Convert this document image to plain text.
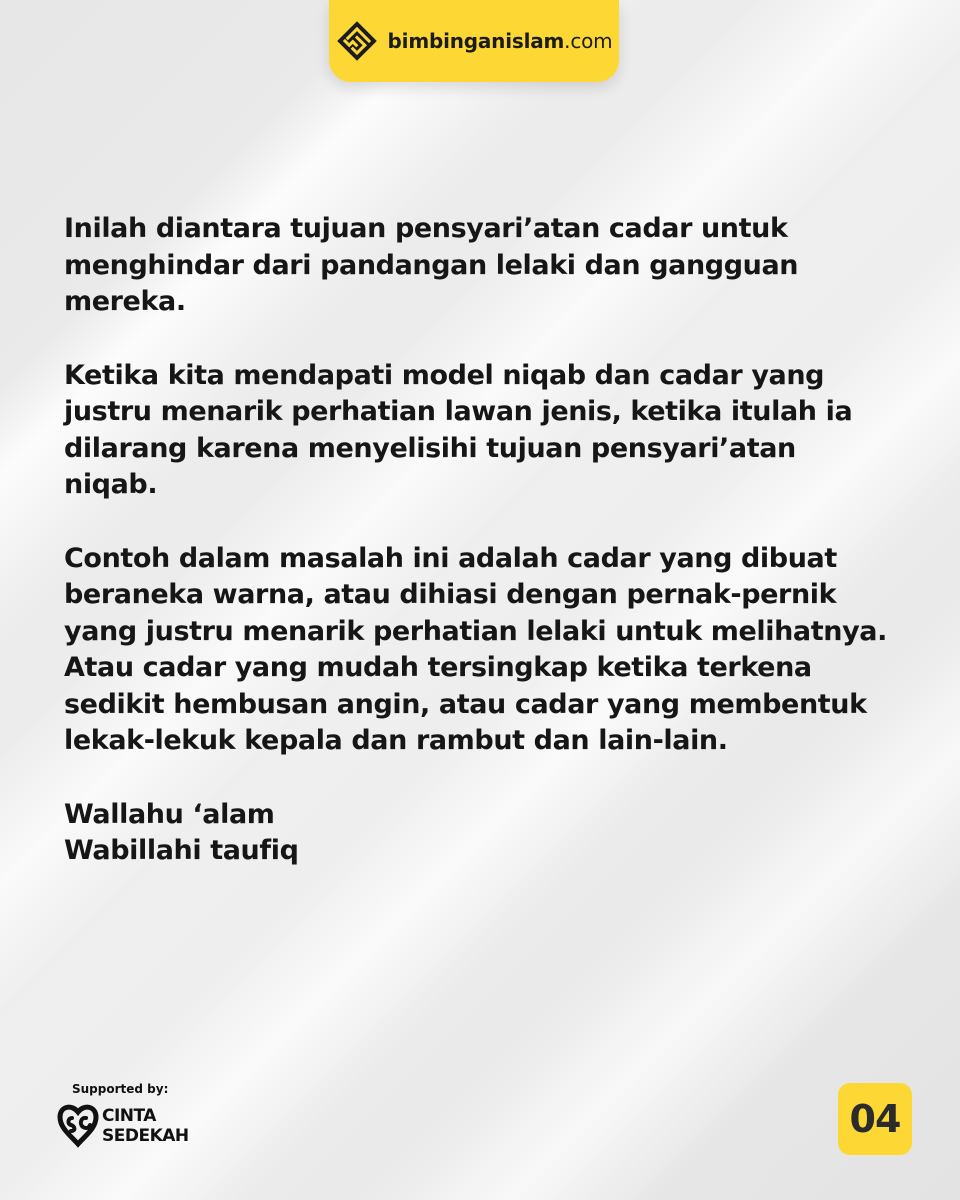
bimbinganislam.com

Inilah diantara tujuan pensyari’atan cadar untuk
menghindar dari pandangan lelaki dan gangguan
mereka.

Ketika kita mendapati model niqab dan cadar yang
justru menarik perhatian lawan jenis, ketika itulah ia
dilarang karena menyelisihi tujuan pensyari’atan
niqab.

Contoh dalam masalah ini adalah cadar yang dibuat
beraneka warna, atau dihiasi dengan pernak-pernik
yang justru menarik perhatian lelaki untuk melihatnya.
Atau cadar yang mudah tersingkap ketika terkena
sedikit hembusan angin, atau cadar yang membentuk
lekak-lekuk kepala dan rambut dan lain-lain.

Wallahu ‘alam
Wabillahi taufiq

Supported by:
CINTA
SEDEKAH	04
